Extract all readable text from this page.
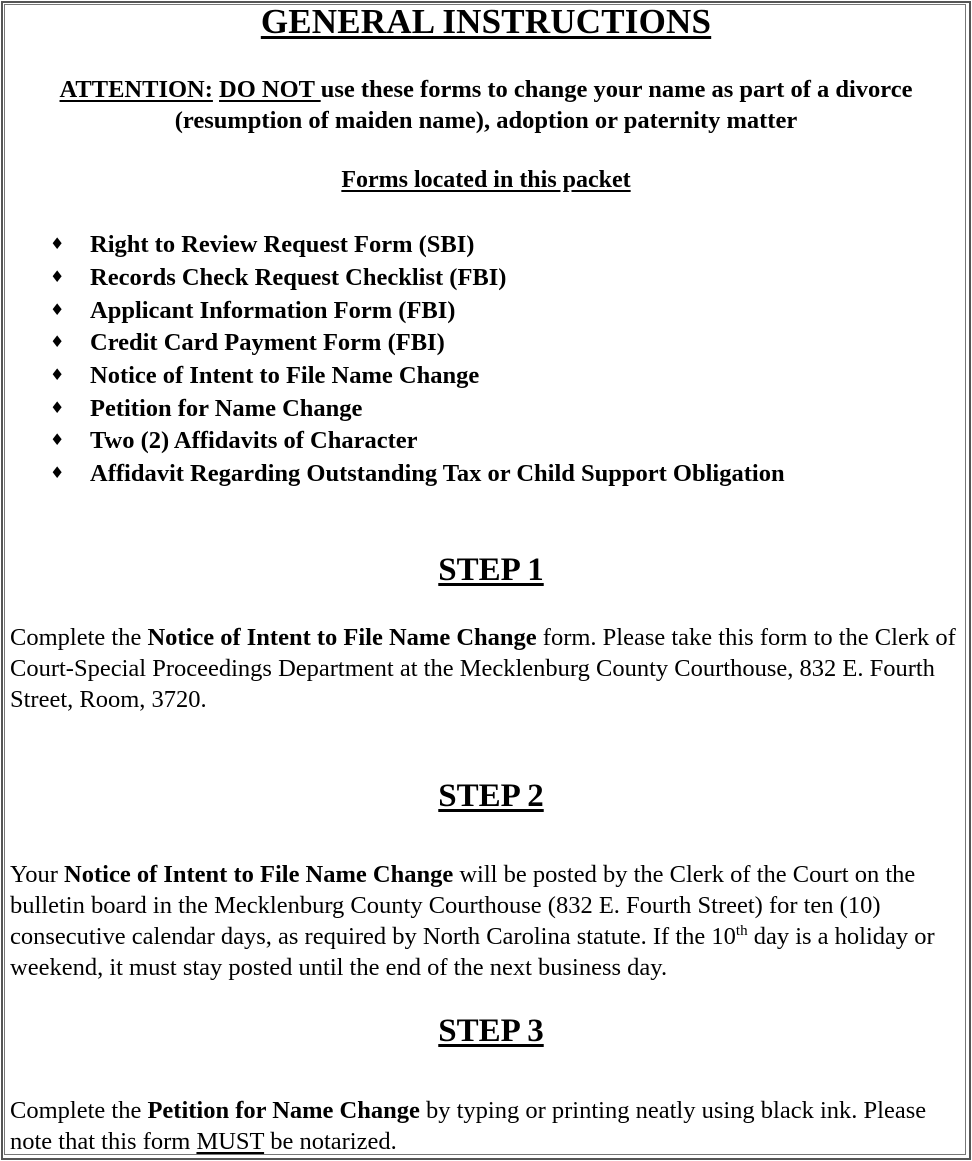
GENERAL INSTRUCTIONS
ATTENTION: DO NOT use these forms to change your name as part of a divorce
(resumption of maiden name), adoption or paternity matter
Forms located in this packet
♦	Right to Review Request Form (SBI)
♦	Records Check Request Checklist (FBI)
♦	Applicant Information Form (FBI)
♦	Credit Card Payment Form (FBI)
♦	Notice of Intent to File Name Change
♦	Petition for Name Change
♦	Two (2) Affidavits of Character
♦	Affidavit Regarding Outstanding Tax or Child Support Obligation
STEP 1
Complete the Notice of Intent to File Name Change form. Please take this form to the Clerk of Court-Special Proceedings Department at the Mecklenburg County Courthouse, 832 E. Fourth Street, Room, 3720.
STEP 2
Your Notice of Intent to File Name Change will be posted by the Clerk of the Court on the bulletin board in the Mecklenburg County Courthouse (832 E. Fourth Street) for ten (10) consecutive calendar days, as required by North Carolina statute. If the 10th day is a holiday or weekend, it must stay posted until the end of the next business day.
STEP 3
Complete the Petition for Name Change by typing or printing neatly using black ink. Please note that this form MUST be notarized.
